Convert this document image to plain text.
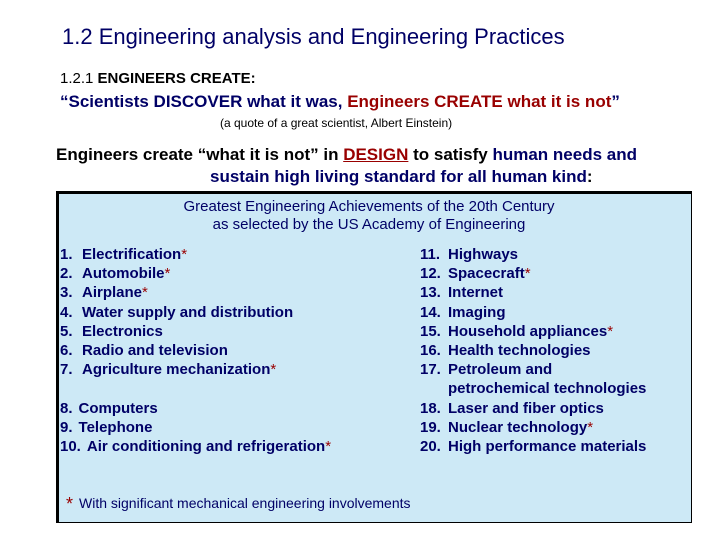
1.2 Engineering analysis and Engineering Practices
1.2.1 ENGINEERS CREATE:
“Scientists DISCOVER what it was, Engineers CREATE what it is not”
(a quote of a great scientist, Albert Einstein)
Engineers create “what it is not” in DESIGN to satisfy human needs and
sustain high living standard for all human kind:
Greatest Engineering Achievements of the 20th Century
as selected by the US Academy of Engineering
1. Electrification*
2. Automobile*
3. Airplane*
4. Water supply and distribution
5. Electronics
6. Radio and television
7. Agriculture mechanization*
8. Computers
9. Telephone
10. Air conditioning and refrigeration*
11. Highways
12. Spacecraft*
13. Internet
14. Imaging
15. Household appliances*
16. Health technologies
17. Petroleum and
petrochemical technologies
18. Laser and fiber optics
19. Nuclear technology*
20. High performance materials
* With significant mechanical engineering involvements
